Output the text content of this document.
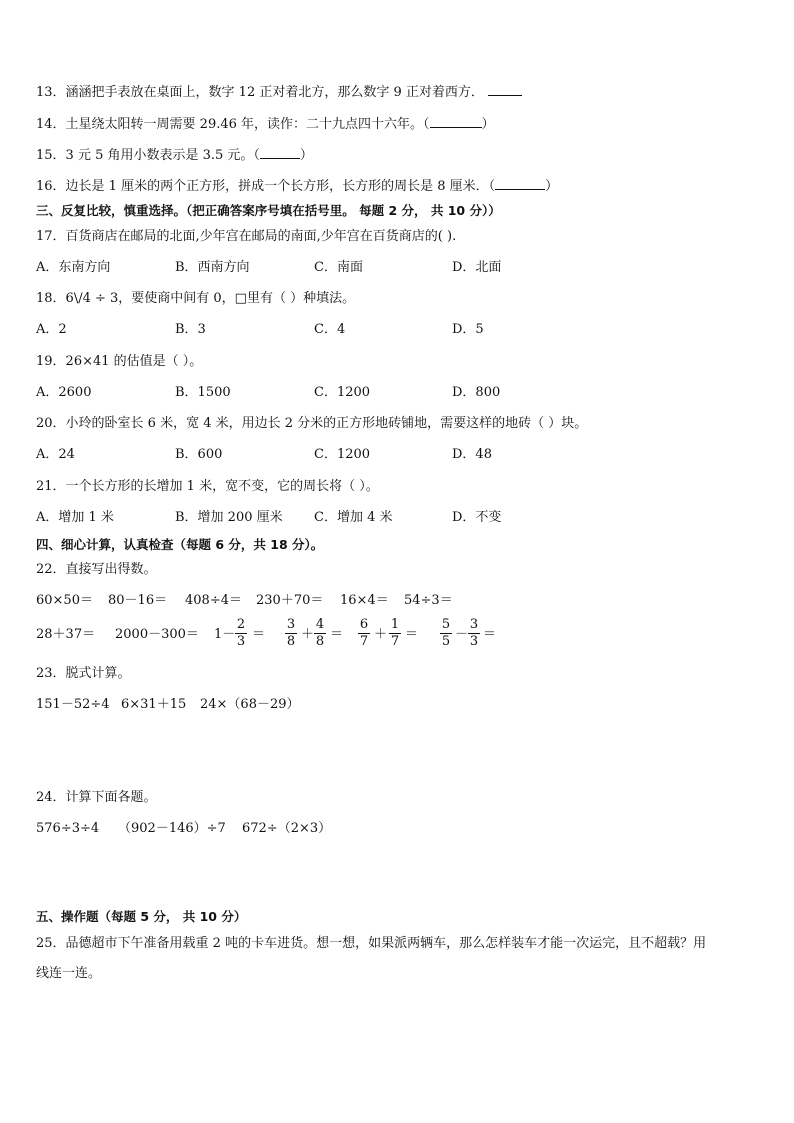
13．涵涵把手表放在桌面上，数字 12 正对着北方，那么数字 9 正对着西方．
14．土星绕太阳转一周需要 29.46 年，读作：二十九点四十六年。（	）
15．3 元 5 角用小数表示是 3.5 元。（	）
16．边长是 1 厘米的两个正方形，拼成一个长方形，长方形的周长是 8 厘米．（	）
三、反复比较，慎重选择。（把正确答案序号填在括号里。 每题 2 分， 共 10 分））
17．百货商店在邮局的北面,少年宫在邮局的南面,少年宫在百货商店的( ).
A．东南方向	B．西南方向	C．南面	D．北面
18．6\/4 ÷ 3，要使商中间有 0，□里有（ ）种填法。
A．2	B．3	C．4	D．5
19．26×41 的估值是（ ）。
A．2600	B．1500	C．1200	D．800
20．小玲的卧室长 6 米，宽 4 米，用边长 2 分米的正方形地砖铺地，需要这样的地砖（ ）块。
A．24	B．600	C．1200	D．48
21．一个长方形的长增加 1 米，宽不变，它的周长将（ ）。
A．增加 1 米	B．增加 200 厘米 C．增加 4 米	D．不变
四、细心计算，认真检查（每题 6 分，共 18 分）。
22．直接写出得数。
60×50＝ 80－16＝ 408÷4＝ 230＋70＝ 16×4＝ 54÷3＝
28＋37＝ 2000－300＝ 1－
2
3 ＝
3
8 ＋
4
8 ＝
6
7 ＋
1
7 ＝
5
5 －
3
3 ＝
23．脱式计算。
151－52÷4 6×31＋15 24×（68－29）
24．计算下面各题。
576÷3÷4 （902－146）÷7 672÷（2×3）
五、操作题（每题 5 分， 共 10 分）
25．品德超市下午准备用载重 2 吨的卡车进货。想一想，如果派两辆车，那么怎样装车才能一次运完，且不超载？用
线连一连。
